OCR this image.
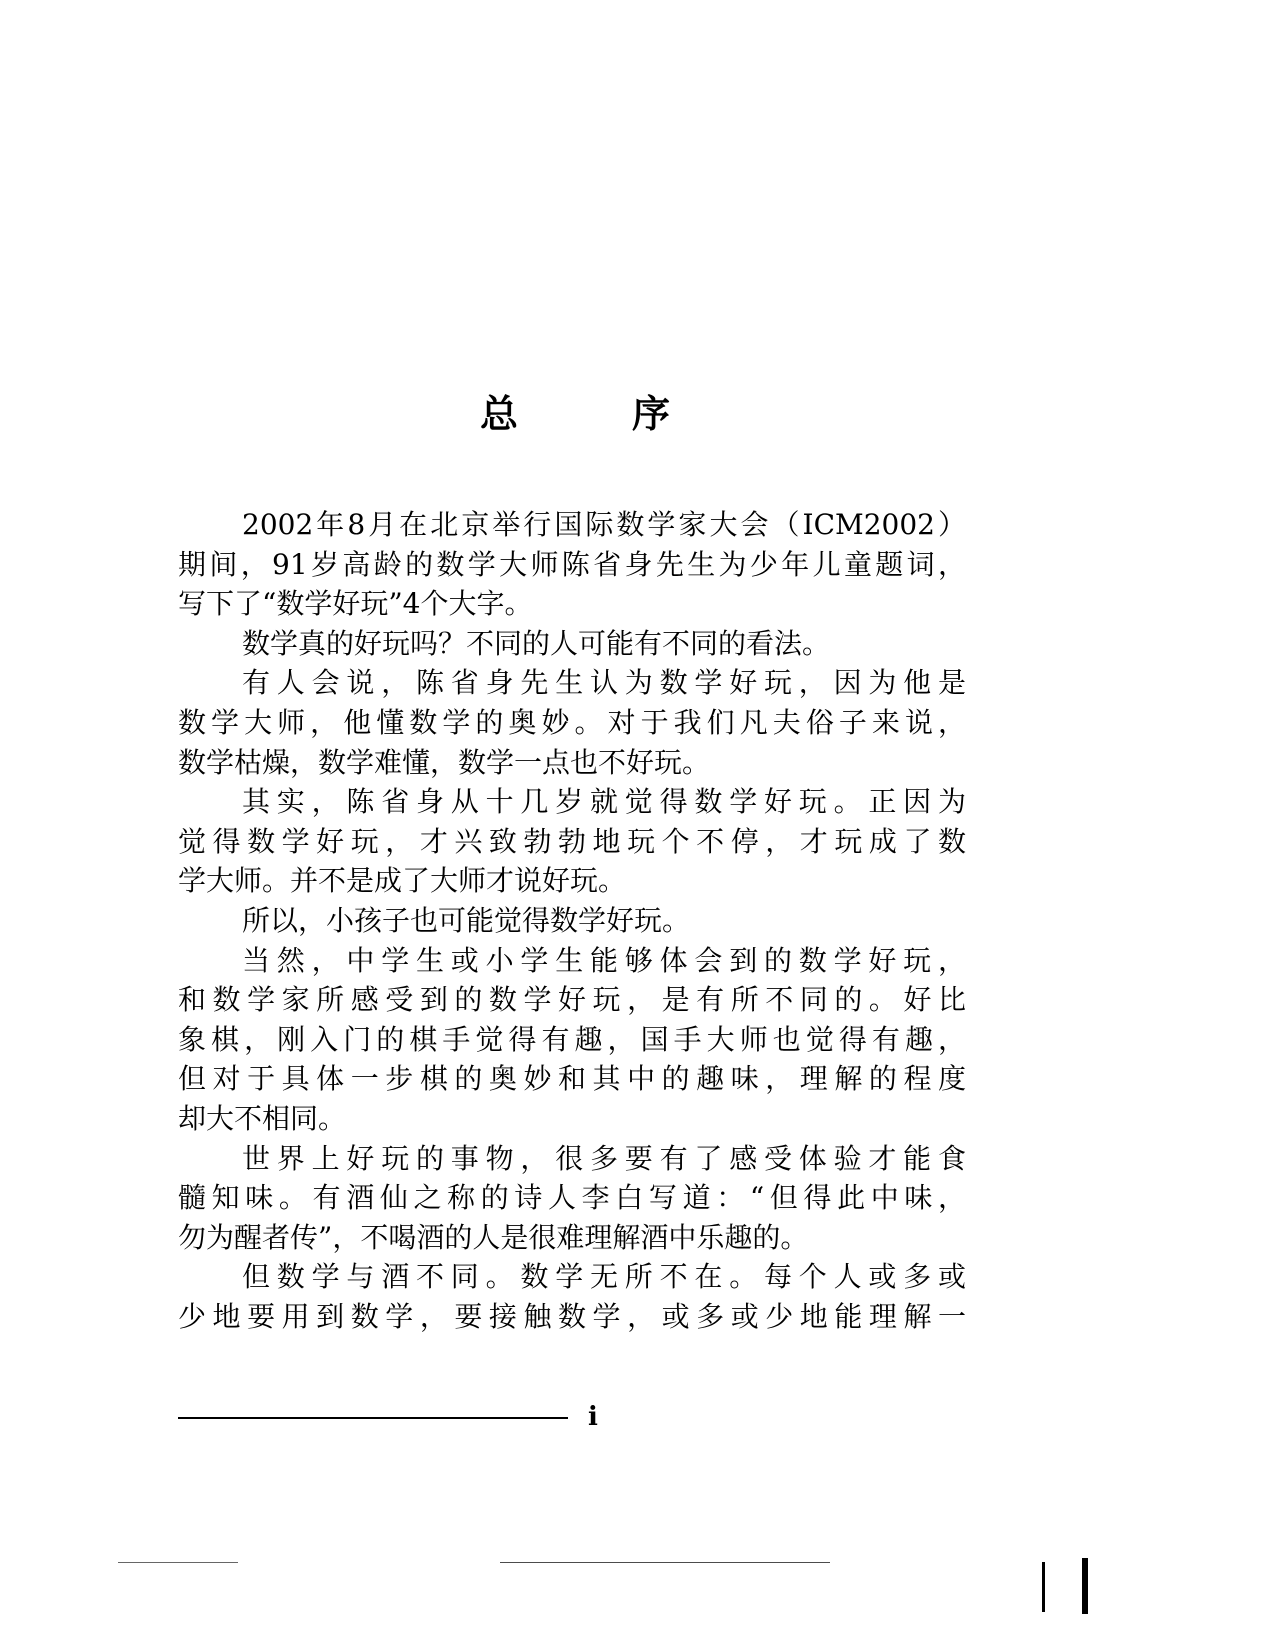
总	序
2002年8月在北京举行国际数学家大会（ICM2002）
期间，91岁高龄的数学大师陈省身先生为少年儿童题词，
写下了“数学好玩”4个大字。
数学真的好玩吗？不同的人可能有不同的看法。
有人会说，陈省身先生认为数学好玩，因为他是
数学大师，他懂数学的奥妙。对于我们凡夫俗子来说，
数学枯燥，数学难懂，数学一点也不好玩。
其实，陈省身从十几岁就觉得数学好玩。正因为
觉得数学好玩，才兴致勃勃地玩个不停，才玩成了数
学大师。并不是成了大师才说好玩。
所以，小孩子也可能觉得数学好玩。
当然，中学生或小学生能够体会到的数学好玩，
和数学家所感受到的数学好玩，是有所不同的。好比
象棋，刚入门的棋手觉得有趣，国手大师也觉得有趣，
但对于具体一步棋的奥妙和其中的趣味，理解的程度
却大不相同。
世界上好玩的事物，很多要有了感受体验才能食
髓知味。有酒仙之称的诗人李白写道：“但得此中味，
勿为醒者传”，不喝酒的人是很难理解酒中乐趣的。
但数学与酒不同。数学无所不在。每个人或多或
少地要用到数学，要接触数学，或多或少地能理解一
i
